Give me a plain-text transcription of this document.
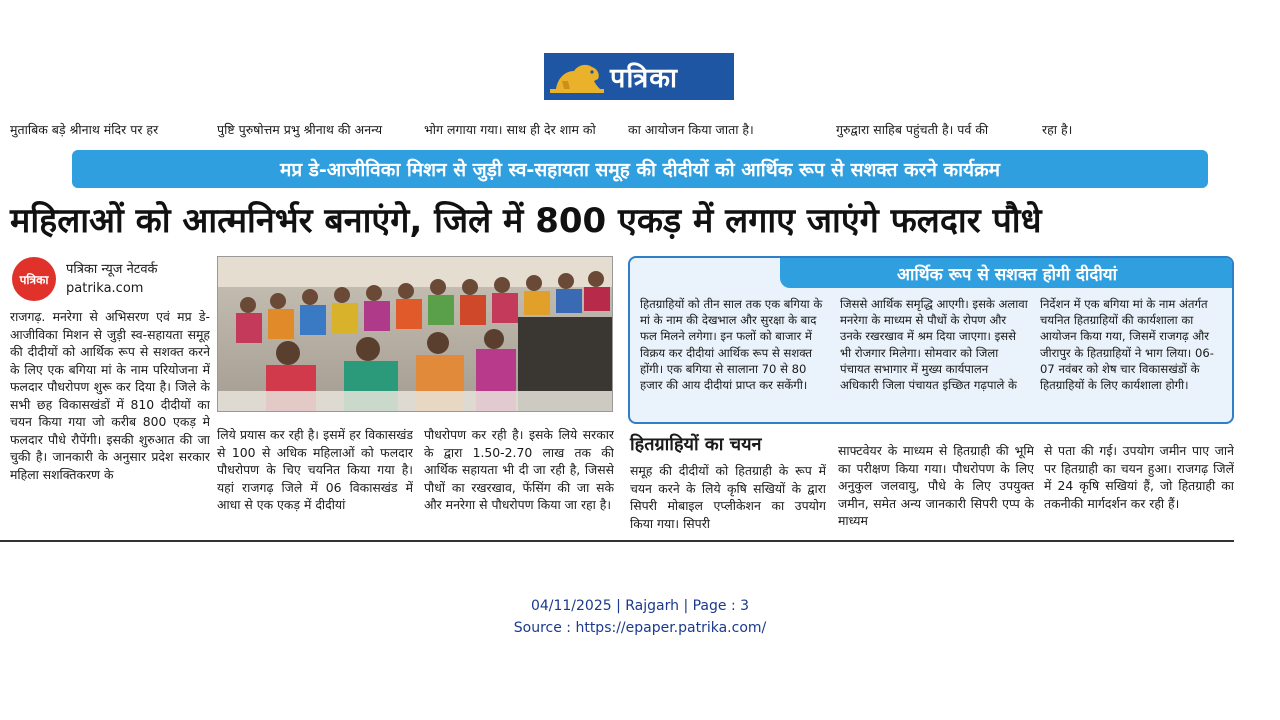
पत्रिका
मुताबिक बड़े श्रीनाथ मंदिर पर हर	पुष्टि पुरुषोत्तम प्रभु श्रीनाथ की अनन्य	भोग लगाया गया। साथ ही देर शाम को	का आयोजन किया जाता है।	गुरुद्वारा साहिब पहुंचती है। पर्व की	रहा है।
मप्र डे-आजीविका मिशन से जुड़ी स्व-सहायता समूह की दीदीयों को आर्थिक रूप से सशक्त करने कार्यक्रम
महिलाओं को आत्मनिर्भर बनाएंगे, जिले में 800 एकड़ में लगाए जाएंगे फलदार पौधे
पत्रिका
पत्रिका न्यूज नेटवर्क
patrika.com

राजगढ़. मनरेगा से अभिसरण एवं मप्र डे-आजीविका मिशन से जुड़ी स्व-सहायता समूह की दीदीयों को आर्थिक रूप से सशक्त करने के लिए एक बगिया मां के नाम परियोजना में फलदार पौधरोपण शुरू कर दिया है। जिले के सभी छह विकासखंडों में 810 दीदीयों का चयन किया गया जो करीब 800 एकड़ मे फलदार पौधे रौपेंगी। इसकी शुरुआत की जा चुकी है। जानकारी के अनुसार प्रदेश सरकार महिला सशक्तिकरण के

लिये प्रयास कर रही है। इसमें हर विकासखंड से 100 से अधिक महिलाओं को फलदार पौधरोपण के चिए चयनित किया गया है। यहां राजगढ़ जिले में 06 विकासखंड में आधा से एक एकड़ में दीदीयां

पौधरोपण कर रही है। इसके लिये सरकार के द्वारा 1.50-2.70 लाख तक की आर्थिक सहायता भी दी जा रही है, जिससे पौधों का रखरखाव, फेंसिंग की जा सके और मनरेगा से पौधरोपण किया जा रहा है।

आर्थिक रूप से सशक्त होगी दीदीयां
हितग्राहियों को तीन साल तक एक बगिया के मां के नाम की देखभाल और सुरक्षा के बाद फल मिलने लगेगा। इन फलों को बाजार में विक्रय कर दीदीयां आर्थिक रूप से सशक्त होंगी। एक बगिया से सालाना 70 से 80 हजार की आय दीदीयां प्राप्त कर सकेंगी।
जिससे आर्थिक समृद्धि आएगी। इसके अलावा मनरेगा के माध्यम से पौधों के रोपण और उनके रखरखाव में श्रम दिया जाएगा। इससे भी रोजगार मिलेगा। सोमवार को जिला पंचायत सभागार में मुख्य कार्यपालन अधिकारी जिला पंचायत इच्छित गढ़पाले के
निर्देशन में एक बगिया मां के नाम अंतर्गत चयनित हितग्राहियों की कार्यशाला का आयोजन किया गया, जिसमें राजगढ़ और जीरापुर के हितग्राहियों ने भाग लिया। 06-07 नवंबर को शेष चार विकासखंडों के हितग्राहियों के लिए कार्यशाला होगी।
हितग्राहियों का चयन

समूह की दीदीयों को हितग्राही के रूप में चयन करने के लिये कृषि सखियों के द्वारा सिपरी मोबाइल एप्लीकेशन का उपयोग किया गया। सिपरी

साफ्टवेयर के माध्यम से हितग्राही की भूमि का परीक्षण किया गया। पौधरोपण के लिए अनुकुल जलवायु, पौधे के लिए उपयुक्त जमीन, समेत अन्य जानकारी सिपरी एप्प के माध्यम

से पता की गई। उपयोग जमीन पाए जाने पर हितग्राही का चयन हुआ। राजगढ़ जिलें में 24 कृषि सखियां हैं, जो हितग्राही का तकनीकी मार्गदर्शन कर रही हैं।

04/11/2025 | Rajgarh | Page : 3
Source : https://epaper.patrika.com/
